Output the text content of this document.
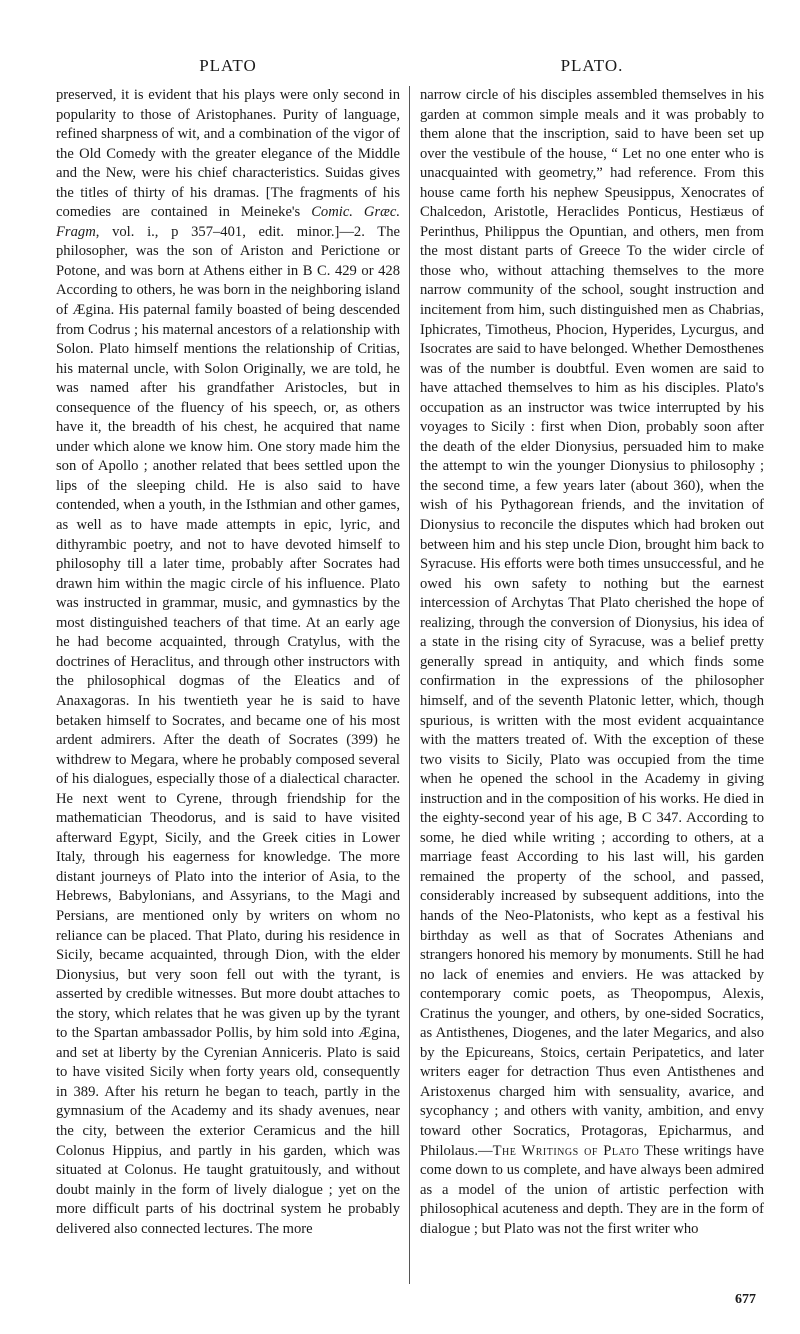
PLATO	PLATO.

preserved, it is evident that his plays were only second in popularity to those of Aristophanes. Purity of language, refined sharpness of wit, and a combination of the vigor of the Old Comedy with the greater elegance of the Middle and the New, were his chief characteristics. Suidas gives the titles of thirty of his dramas. [The fragments of his comedies are contained in Meineke's Comic. Græc. Fragm, vol. i., p 357–401, edit. minor.]—2. The philosopher, was the son of Ariston and Perictione or Potone, and was born at Athens either in B C. 429 or 428 According to others, he was born in the neighboring island of Ægina. His paternal family boasted of being descended from Codrus ; his maternal ancestors of a relationship with Solon. Plato himself mentions the relationship of Critias, his maternal uncle, with Solon Originally, we are told, he was named after his grandfather Aristocles, but in consequence of the fluency of his speech, or, as others have it, the breadth of his chest, he acquired that name under which alone we know him. One story made him the son of Apollo ; another related that bees settled upon the lips of the sleeping child. He is also said to have contended, when a youth, in the Isthmian and other games, as well as to have made attempts in epic, lyric, and dithyrambic poetry, and not to have devoted himself to philosophy till a later time, probably after Socrates had drawn him within the magic circle of his influence. Plato was instructed in grammar, music, and gymnastics by the most distinguished teachers of that time. At an early age he had become acquainted, through Cratylus, with the doctrines of Heraclitus, and through other instructors with the philosophical dogmas of the Eleatics and of Anaxagoras. In his twentieth year he is said to have betaken himself to Socrates, and became one of his most ardent admirers. After the death of Socrates (399) he withdrew to Megara, where he probably composed several of his dialogues, especially those of a dialectical character. He next went to Cyrene, through friendship for the mathematician Theodorus, and is said to have visited afterward Egypt, Sicily, and the Greek cities in Lower Italy, through his eagerness for knowledge. The more distant journeys of Plato into the interior of Asia, to the Hebrews, Babylonians, and Assyrians, to the Magi and Persians, are mentioned only by writers on whom no reliance can be placed. That Plato, during his residence in Sicily, became acquainted, through Dion, with the elder Dionysius, but very soon fell out with the tyrant, is asserted by credible witnesses. But more doubt attaches to the story, which relates that he was given up by the tyrant to the Spartan ambassador Pollis, by him sold into Ægina, and set at liberty by the Cyrenian Anniceris. Plato is said to have visited Sicily when forty years old, consequently in 389. After his return he began to teach, partly in the gymnasium of the Academy and its shady avenues, near the city, between the exterior Ceramicus and the hill Colonus Hippius, and partly in his garden, which was situated at Colonus. He taught gratuitously, and without doubt mainly in the form of lively dialogue ; yet on the more difficult parts of his doctrinal system he probably delivered also connected lectures. The more

narrow circle of his disciples assembled themselves in his garden at common simple meals and it was probably to them alone that the inscription, said to have been set up over the vestibule of the house, “ Let no one enter who is unacquainted with geometry,” had reference. From this house came forth his nephew Speusippus, Xenocrates of Chalcedon, Aristotle, Heraclides Ponticus, Hestiæus of Perinthus, Philippus the Opuntian, and others, men from the most distant parts of Greece To the wider circle of those who, without attaching themselves to the more narrow community of the school, sought instruction and incitement from him, such distinguished men as Chabrias, Iphicrates, Timotheus, Phocion, Hyperides, Lycurgus, and Isocrates are said to have belonged. Whether Demosthenes was of the number is doubtful. Even women are said to have attached themselves to him as his disciples. Plato's occupation as an instructor was twice interrupted by his voyages to Sicily : first when Dion, probably soon after the death of the elder Dionysius, persuaded him to make the attempt to win the younger Dionysius to philosophy ; the second time, a few years later (about 360), when the wish of his Pythagorean friends, and the invitation of Dionysius to reconcile the disputes which had broken out between him and his step uncle Dion, brought him back to Syracuse. His efforts were both times unsuccessful, and he owed his own safety to nothing but the earnest intercession of Archytas That Plato cherished the hope of realizing, through the conversion of Dionysius, his idea of a state in the rising city of Syracuse, was a belief pretty generally spread in antiquity, and which finds some confirmation in the expressions of the philosopher himself, and of the seventh Platonic letter, which, though spurious, is written with the most evident acquaintance with the matters treated of. With the exception of these two visits to Sicily, Plato was occupied from the time when he opened the school in the Academy in giving instruction and in the composition of his works. He died in the eighty-second year of his age, B C 347. According to some, he died while writing ; according to others, at a marriage feast According to his last will, his garden remained the property of the school, and passed, considerably increased by subsequent additions, into the hands of the Neo-Platonists, who kept as a festival his birthday as well as that of Socrates Athenians and strangers honored his memory by monuments. Still he had no lack of enemies and enviers. He was attacked by contemporary comic poets, as Theopompus, Alexis, Cratinus the younger, and others, by one-sided Socratics, as Antisthenes, Diogenes, and the later Megarics, and also by the Epicureans, Stoics, certain Peripatetics, and later writers eager for detraction Thus even Antisthenes and Aristoxenus charged him with sensuality, avarice, and sycophancy ; and others with vanity, ambition, and envy toward other Socratics, Protagoras, Epicharmus, and Philolaus.—The Writings of Plato These writings have come down to us complete, and have always been admired as a model of the union of artistic perfection with philosophical acuteness and depth. They are in the form of dialogue ; but Plato was not the first writer who

677
